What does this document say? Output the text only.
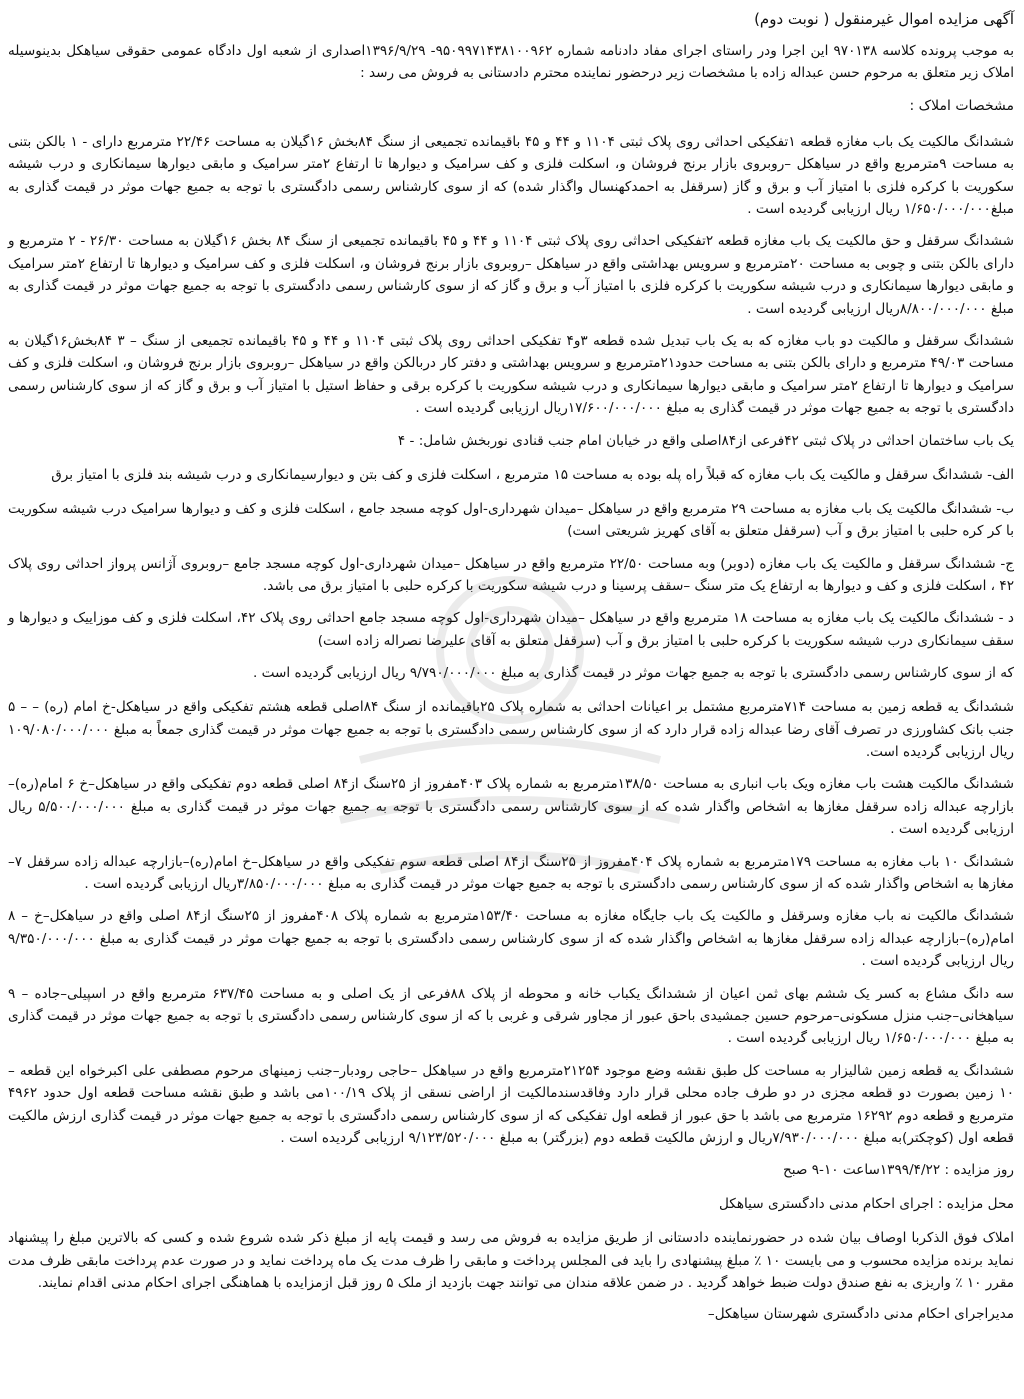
آگهی مزایده اموال غیرمنقول ( نوبت دوم)
به موجب پرونده کلاسه ۹۷۰۱۳۸ این اجرا ودر راستای اجرای مفاد دادنامه شماره ۹۵۰۹۹۷۱۴۳۸۱۰۰۹۶۲- ۱۳۹۶/۹/۲۹اصداری از شعبه اول دادگاه عمومی حقوقی سیاهکل بدینوسیله املاک زیر متعلق به مرحوم حسن عبداله زاده با مشخصات زیر درحضور نماینده محترم دادستانی به فروش می رسد :
مشخصات املاک :
ششدانگ مالکیت یک باب مغازه قطعه ۱تفکیکی احداثی روی پلاک ثبتی ۱۱۰۴ و ۴۴ و ۴۵ باقیمانده تجمیعی از سنگ ۸۴بخش ۱۶گیلان به مساحت ۲۲/۴۶ مترمربع دارای - ۱ بالکن بتنی به مساحت ۹مترمربع واقع در سیاهکل –روبروی بازار برنج فروشان و، اسکلت فلزی و کف سرامیک و دیوارها تا ارتفاع ۲متر سرامیک و مابقی دیوارها سیمانکاری و درب شیشه سکوریت با کرکره فلزی با امتیاز آب و برق و گاز (سرقفل به احمدکهنسال واگذار شده) که از سوی کارشناس رسمی دادگستری با توجه به جمیع جهات موثر در قیمت گذاری به مبلغ۱/۶۵۰/۰۰۰/۰۰۰ ریال ارزیابی گردیده است .
ششدانگ سرقفل و حق مالکیت یک باب مغازه قطعه ۲تفکیکی احداثی روی پلاک ثبتی ۱۱۰۴ و ۴۴ و ۴۵ باقیمانده تجمیعی از سنگ ۸۴ بخش ۱۶گیلان به مساحت ۲۶/۳۰ - ۲ مترمربع و دارای بالکن بتنی و چوبی به مساحت ۲۰مترمربع و سرویس بهداشتی واقع در سیاهکل –روبروی بازار برنج فروشان و، اسکلت فلزی و کف سرامیک و دیوارها تا ارتفاع ۲متر سرامیک و مابقی دیوارها سیمانکاری و درب شیشه سکوریت با کرکره فلزی با امتیاز آب و برق و گاز که از سوی کارشناس رسمی دادگستری با توجه به جمیع جهات موثر در قیمت گذاری به مبلغ ۸/۸۰۰/۰۰۰/۰۰۰ریال ارزیابی گردیده است .
ششدانگ سرقفل و مالکیت دو باب مغازه که به یک باب تبدیل شده قطعه ۳و۴ تفکیکی احداثی روی پلاک ثبتی ۱۱۰۴ و ۴۴ و ۴۵ باقیمانده تجمیعی از سنگ – ۳ ۸۴بخش۱۶گیلان به مساحت ۴۹/۰۳ مترمربع و دارای بالکن بتنی به مساحت حدود۲۱مترمربع و سرویس بهداشتی و دفتر کار دربالکن واقع در سیاهکل –روبروی بازار برنج فروشان و، اسکلت فلزی و کف سرامیک و دیوارها تا ارتفاع ۲متر سرامیک و مابقی دیوارها سیمانکاری و درب شیشه سکوریت با کرکره برقی و حفاظ استیل با امتیاز آب و برق و گاز که از سوی کارشناس رسمی دادگستری با توجه به جمیع جهات موثر در قیمت گذاری به مبلغ ۱۷/۶۰۰/۰۰۰/۰۰۰ریال ارزیابی گردیده است .
یک باب ساختمان احداثی در پلاک ثبتی ۴۲فرعی از۸۴اصلی واقع در خیابان امام جنب قنادی نوربخش شامل: - ۴
الف- ششدانگ سرقفل و مالکیت یک باب مغازه که قبلاً راه پله بوده به مساحت ۱۵ مترمربع ، اسکلت فلزی و کف بتن و دیوارسیمانکاری و درب شیشه بند فلزی با امتیاز برق
ب- ششدانگ مالکیت یک باب مغازه به مساحت ۲۹ مترمربع واقع در سیاهکل –میدان شهرداری-اول کوچه مسجد جامع ، اسکلت فلزی و کف و دیوارها سرامیک درب شیشه سکوریت با کر کره حلبی با امتیاز برق و آب (سرقفل متعلق به آقای کهریز شریعتی است)
ج- ششدانگ سرقفل و مالکیت یک باب مغازه (دوبر) وبه مساحت ۲۲/۵۰ مترمربع واقع در سیاهکل –میدان شهرداری-اول کوچه مسجد جامع –روبروی آژانس پرواز احداثی روی پلاک ۴۲ ، اسکلت فلزی و کف و دیوارها به ارتفاع یک متر سنگ –سقف پرسینا و درب شیشه سکوریت با کرکره حلبی با امتیاز برق می باشد.
د - ششدانگ مالکیت یک باب مغازه به مساحت ۱۸ مترمربع واقع در سیاهکل –میدان شهرداری-اول کوچه مسجد جامع احداثی روی پلاک ۴۲، اسکلت فلزی و کف موزاییک و دیوارها و سقف سیمانکاری درب شیشه سکوریت با کرکره حلبی با امتیاز برق و آب (سرقفل متعلق به آقای علیرضا نصراله زاده است)
که از سوی کارشناس رسمی دادگستری با توجه به جمیع جهات موثر در قیمت گذاری به مبلغ ۹/۷۹۰/۰۰۰/۰۰۰ ریال ارزیابی گردیده است .
ششدانگ یه قطعه زمین به مساحت ۷۱۴مترمربع مشتمل بر اعیانات احداثی به شماره پلاک ۲۵باقیمانده از سنگ ۸۴اصلی قطعه هشتم تفکیکی واقع در سیاهکل-خ امام (ره) – – ۵ جنب بانک کشاورزی در تصرف آقای رضا عبداله زاده قرار دارد که از سوی کارشناس رسمی دادگستری با توجه به جمیع جهات موثر در قیمت گذاری جمعاً به مبلغ ۱۰۹/۰۸۰/۰۰۰/۰۰۰ ریال ارزیابی گردیده است.
ششدانگ مالکیت هشت باب مغازه ویک باب انباری به مساحت ۱۳۸/۵۰مترمربع به شماره پلاک ۴۰۳مفروز از ۲۵سنگ از۸۴ اصلی قطعه دوم تفکیکی واقع در سیاهکل–خ ۶ امام(ره)–بازارچه عبداله زاده سرقفل مغازها به اشخاص واگذار شده که از سوی کارشناس رسمی دادگستری با توجه به جمیع جهات موثر در قیمت گذاری به مبلغ ۵/۵۰۰/۰۰۰/۰۰۰ ریال ارزیابی گردیده است .
ششدانگ ۱۰ باب مغازه به مساحت ۱۷۹مترمربع به شماره پلاک ۴۰۴مفروز از ۲۵سنگ از۸۴ اصلی قطعه سوم تفکیکی واقع در سیاهکل–خ امام(ره)–بازارچه عبداله زاده سرقفل ۷– مغازها به اشخاص واگذار شده که از سوی کارشناس رسمی دادگستری با توجه به جمیع جهات موثر در قیمت گذاری به مبلغ ۳/۸۵۰/۰۰۰/۰۰۰ریال ارزیابی گردیده است .
ششدانگ مالکیت نه باب مغازه وسرقفل و مالکیت یک باب جایگاه مغازه به مساحت ۱۵۳/۴۰مترمربع به شماره پلاک ۴۰۸مفروز از ۲۵سنگ از۸۴ اصلی واقع در سیاهکل–خ – ۸ امام(ره)–بازارچه عبداله زاده سرقفل مغازها به اشخاص واگذار شده که از سوی کارشناس رسمی دادگستری با توجه به جمیع جهات موثر در قیمت گذاری به مبلغ ۹/۳۵۰/۰۰۰/۰۰۰ ریال ارزیابی گردیده است .
سه دانگ مشاع به کسر یک ششم بهای ثمن اعیان از ششدانگ یکباب خانه و محوطه از پلاک ۸۸فرعی از یک اصلی و به مساحت ۶۳۷/۴۵ مترمربع واقع در اسپیلی–جاده – ۹ سیاهخانی–جنب منزل مسکونی–مرحوم حسین جمشیدی باحق عبور از مجاور شرقی و غربی با که از سوی کارشناس رسمی دادگستری با توجه به جمیع جهات موثر در قیمت گذاری به مبلغ ۱/۶۵۰/۰۰۰/۰۰۰ ریال ارزیابی گردیده است .
ششدانگ یه قطعه زمین شالیزار به مساحت کل طبق نقشه وضع موجود ۲۱۲۵۴مترمربع واقع در سیاهکل –حاجی رودبار–جنب زمینهای مرحوم مصطفی علی اکبرخواه این قطعه – ۱۰ زمین بصورت دو قطعه مجزی در دو طرف جاده محلی قرار دارد وفاقدسندمالکیت از اراضی نسقی از پلاک ۱۰۰/۱۹می باشد و طبق نقشه مساحت قطعه اول حدود ۴۹۶۲ مترمربع و قطعه دوم ۱۶۲۹۲ مترمربع می باشد با حق عبور از قطعه اول تفکیکی که از سوی کارشناس رسمی دادگستری با توجه به جمیع جهات موثر در قیمت گذاری ارزش مالکیت قطعه اول (کوچکتر)به مبلغ ۷/۹۳۰/۰۰۰/۰۰۰ریال و ارزش مالکیت قطعه دوم (بزرگتر) به مبلغ ۹/۱۲۳/۵۲۰/۰۰۰ ارزیابی گردیده است .
روز مزایده : ۱۳۹۹/۴/۲۲ساعت ۱۰-۹ صبح
محل مزایده : اجرای احکام مدنی دادگستری سیاهکل
املاک فوق الذکربا اوصاف بیان شده در حضورنماینده دادستانی از طریق مزایده به فروش می رسد و قیمت پایه از مبلغ ذکر شده شروع شده و کسی که بالاترین مبلغ را پیشنهاد نماید برنده مزایده محسوب و می بایست ۱۰ ٪ مبلغ پیشنهادی را باید فی المجلس پرداخت و مابقی را ظرف مدت یک ماه پرداخت نماید و در صورت عدم پرداخت مابقی ظرف مدت مقرر ۱۰ ٪ واریزی به نفع صندق دولت ضبط خواهد گردید . در ضمن علاقه مندان می توانند جهت بازدید از ملک ۵ روز قبل ازمزایده با هماهنگی اجرای احکام مدنی اقدام نمایند.
مدیراجرای احکام مدنی دادگستری شهرستان سیاهکل–
